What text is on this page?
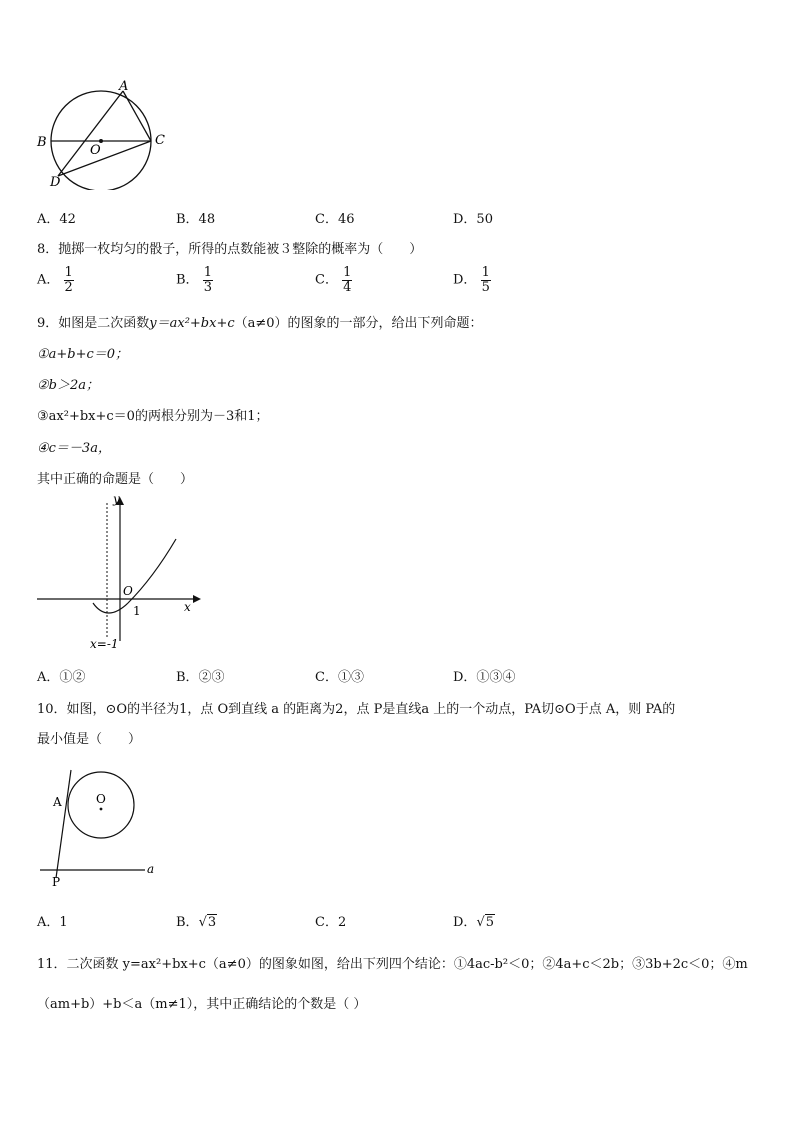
A
B	C
D
O
A．42	B．48	C．46	D．50
8．抛掷一枚均匀的骰子，所得的点数能被３整除的概率为（　　）
A． $\frac{1}{2}$	B． $\frac{1}{3}$	C． $\frac{1}{4}$	D． $\frac{1}{5}$
9．如图是二次函数y＝ax²+bx+c（a≠0）的图象的一部分，给出下列命题：
①a+b+c＝0；
②b＞2a；
③ax²+bx+c＝0的两根分别为－3和1；
④c＝－3a，
其中正确的命题是（　　）
y
x
O
1
x=-1
A．①②	B．②③	C．①③	D．①③④
10．如图，⊙O的半径为1，点 O到直线 a 的距离为2，点 P是直线a 上的一个动点，PA切⊙O于点 A，则 PA的
最小值是（　　）
A	O
P
a
A．1	B．√3	C．2	D．√5
11．二次函数 y=ax²+bx+c（a≠0）的图象如图，给出下列四个结论：①4ac-b²＜0；②4a+c＜2b；③3b+2c＜0；④m
（am+b）+b＜a（m≠1），其中正确结论的个数是（ ）
